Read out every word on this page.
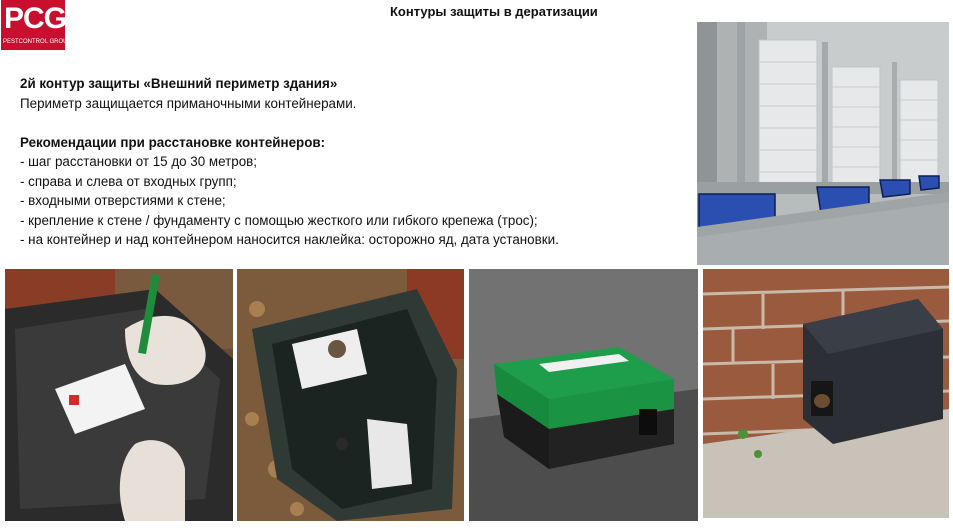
PCG
PESTCONTROL GROUP
Контуры защиты в дератизации
2й контур защиты «Внешний периметр здания»
Периметр защищается приманочными контейнерами.
Рекомендации при расстановке контейнеров:
- шаг расстановки от 15 до 30 метров;
- справа и слева от входных групп;
- входными отверстиями к стене;
- крепление к стене / фундаменту с помощью жесткого или гибкого крепежа (трос);
- на контейнер и над контейнером наносится наклейка: осторожно яд, дата установки.
